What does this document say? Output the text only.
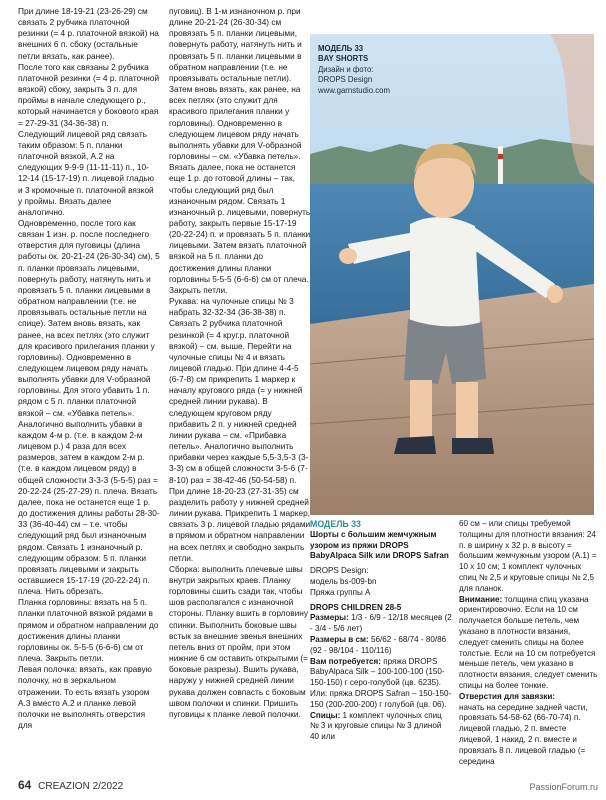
При длине 18-19-21 (23-26-29) см связать 2 рубчика платочной резинки (= 4 р. платочной вязкой) на внешних 6 п. сбоку (остальные петли вязать, как ранее).
После того как связаны 2 рубчика платочной резинки (= 4 р. платочной вязкой) сбоку, закрыть 3 п. для проймы в начале следующего р., который начинается у бокового края = 27-29-31 (34-36-38) п.
Следующий лицевой ряд связать таким образом: 5 п. планки платочной вязкой, A.2 на следующих 9-9-9 (11-11-11) п., 10-12-14 (15-17-19) п. лицевой гладью и 3 кромочные п. платочной вязкой у проймы. Вязать далее аналогично.
Одновременно, после того как связан 1 изн. р. после последнего отверстия для пуговицы (длина работы ок. 20-21-24 (26-30-34) см), 5 п. планки провязать лицевыми, повернуть работу, натянуть нить и провязать 5 п. планки лицевыми в обратном направлении (т.е. не провязывать остальные петли на спице). Затем вновь вязать, как ранее, на всех петлях (это служит для красивого прилегания планки у горловины). Одновременно в следующем лицевом ряду начать выполнять убавки для V-образной горловины. Для этого убавить 1 п. рядом с 5 п. планки платочной вязкой – см. «Убавка петель». Аналогично выполнить убавки в каждом 4-м р. (т.е. в каждом 2-м лицевом р.) 4 раза для всех размеров, затем в каждом 2-м р. (т.е. в каждом лицевом ряду) в общей сложности 3-3-3 (5-5-5) раз = 20-22-24 (25-27-29) п. плеча. Вязать далее, пока не останется еще 1 р. до достижения длины работы 28-30-33 (36-40-44) см – т.е. чтобы следующий ряд был изнаночным рядом. Связать 1 изнаночный р. следующим образом: 5 п. планки провязать лицевыми и закрыть оставшиеся 15-17-19 (20-22-24) п. плеча. Нить обрезать.
Планка горловины: вязать на 5 п. планки платочной вязкой рядами в прямом и обратном направлении до достижения длины планки горловины ок. 5-5-5 (6-6-6) см от плеча. Закрыть петли.
Левая полочка: вязать, как правую полочку, но в зеркальном отражении. То есть вязать узором A.3 вместо A.2 и планке левой полочки не выполнять отверстия для

пуговиц). В 1-м изнаночном р. при длине 20-21-24 (26-30-34) см провязать 5 п. планки лицевыми, повернуть работу, натянуть нить и провязать 5 п. планки лицевыми в обратном направлении (т.е. не провязывать остальные петли). Затем вновь вязать, как ранее, на всех петлях (это служит для красивого прилегания планки у горловины). Одновременно в следующем лицевом ряду начать выполнять убавки для V-образной горловины – см. «Убавка петель». Вязать далее, пока не останется еще 1 р. до готовой длины – так, чтобы следующий ряд был изнаночным рядом. Связать 1 изнаночный р. лицевыми, повернуть работу, закрыть первые 15-17-19 (20-22-24) п. и провязать 5 п. планки лицевыми. Затем вязать платочной вязкой на 5 п. планки до достижения длины планки горловины 5-5-5 (6-6-6) см от плеча. Закрыть петли.
Рукава: на чулочные спицы № 3 набрать 32-32-34 (36-38-38) п. Связать 2 рубчика платочной резинкой (= 4 круг.р. платочной вязкой) – см. выше. Перейти на чулочные спицы № 4 и вязать лицевой гладью. При длине 4-4-5 (6-7-8) см прикрепить 1 маркер к началу кругового ряда (= у нижней средней линии рукава). В следующем круговом ряду прибавить 2 п. у нижней средней линии рукава – см. «Прибавка петель». Аналогично выполнить прибавки через каждые 5,5-3,5-3 (3-3-3) см в общей сложности 3-5-6 (7-8-10) раз = 38-42-46 (50-54-58) п. При длине 18-20-23 (27-31-35) см разделить работу у нижней средней линии рукава. Прикрепить 1 маркер, связать 3 р. лицевой гладью рядами в прямом и обратном направлении на всех петлях и свободно закрыть петли.
Сборка: выполнить плечевые швы внутри закрытых краев. Планку горловины сшить сзади так, чтобы шов располагался с изнаночной стороны. Планку вшить в горловину спинки. Выполнить боковые швы встык за внешние звенья внешних петель вниз от пройм, при этом нижние 6 см оставить открытыми (= боковые разрезы). Вшить рукава, наружу у нижней средней линии рукава должен совпасть с боковым швом полочки и спинки. Пришить пуговицы к планке левой полочки.

МОДЕЛЬ 33
BAY SHORTS
Дизайн и фото:
DROPS Design
www.garnstudio.com
МОДЕЛЬ 33
Шорты с большим жемчужным узором из пряжи DROPS BabyAlpaca Silk или DROPS Safran
DROPS Design:
модель bs-009-bn
Пряжа группы А
DROPS CHILDREN 28-5
Размеры: 1/3 - 6/9 - 12/18 месяцев (2 - 3/4 - 5/6 лет)
Размеры в см: 56/62 - 68/74 - 80/86 (92 - 98/104 - 110/116)
Вам потребуется: пряжа DROPS BabyAlpaca Silk – 100-100-100 (150-150-150) г серо-голубой (цв. 6235). Или: пряжа DROPS Safran – 150-150-150 (200-200-200) г голубой (цв. 06).
Спицы: 1 комплект чулочных спиц № 3 и круговые спицы № 3 длиной 40 или
60 см – или спицы требуемой толщины для плотности вязания: 24 п. в ширину х 32 р. в высоту = большим жемчужным узором (A.1) = 10 х 10 см; 1 комплект чулочных спиц № 2,5 и круговые спицы № 2,5 для планок.
Внимание: толщина спиц указана ориентировочно. Если на 10 см получается больше петель, чем указано в плотности вязания, следует сменить спицы на более толстые. Если на 10 см потребуется меньше петель, чем указано в плотности вязания, следует сменить спицы на более тонкие.
Отверстия для завязки:
начать на середине задней части, провязать 54-58-62 (66-70-74) п. лицевой гладью, 2 п. вместе лицевой, 1 накид, 2 п. вместе и провязать 8 п. лицевой гладью (= середина
64 CREAZION 2/2022	PassionForum.ru
